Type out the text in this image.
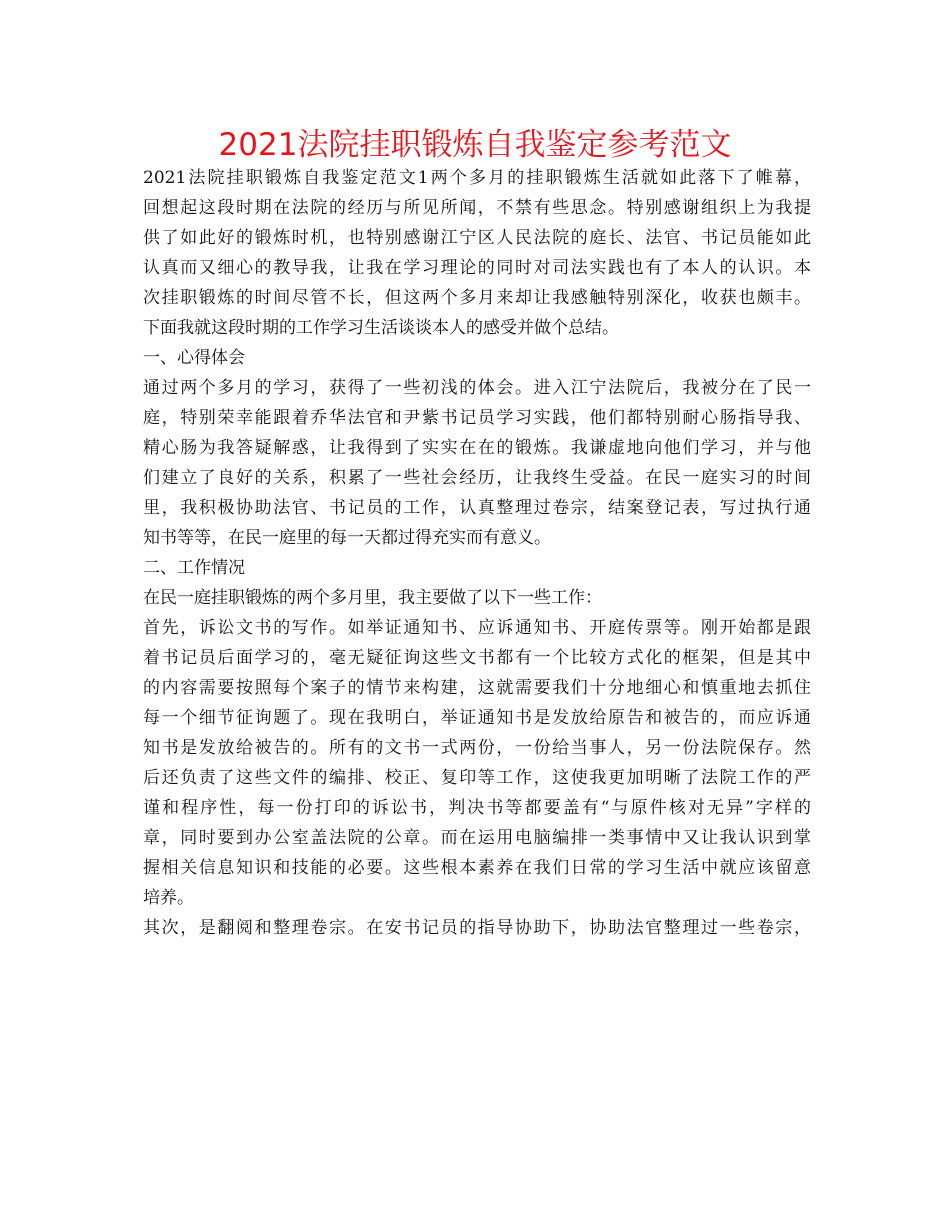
2021法院挂职锻炼自我鉴定参考范文
2021法院挂职锻炼自我鉴定范文1两个多月的挂职锻炼生活就如此落下了帷幕，
回想起这段时期在法院的经历与所见所闻，不禁有些思念。特别感谢组织上为我提
供了如此好的锻炼时机，也特别感谢江宁区人民法院的庭长、法官、书记员能如此
认真而又细心的教导我，让我在学习理论的同时对司法实践也有了本人的认识。本
次挂职锻炼的时间尽管不长，但这两个多月来却让我感触特别深化，收获也颇丰。
下面我就这段时期的工作学习生活谈谈本人的感受并做个总结。
一、心得体会
通过两个多月的学习，获得了一些初浅的体会。进入江宁法院后，我被分在了民一
庭，特别荣幸能跟着乔华法官和尹紫书记员学习实践，他们都特别耐心肠指导我、
精心肠为我答疑解惑，让我得到了实实在在的锻炼。我谦虚地向他们学习，并与他
们建立了良好的关系，积累了一些社会经历，让我终生受益。在民一庭实习的时间
里，我积极协助法官、书记员的工作，认真整理过卷宗，结案登记表，写过执行通
知书等等，在民一庭里的每一天都过得充实而有意义。
二、工作情况
在民一庭挂职锻炼的两个多月里，我主要做了以下一些工作：
首先，诉讼文书的写作。如举证通知书、应诉通知书、开庭传票等。刚开始都是跟
着书记员后面学习的，毫无疑征询这些文书都有一个比较方式化的框架，但是其中
的内容需要按照每个案子的情节来构建，这就需要我们十分地细心和慎重地去抓住
每一个细节征询题了。现在我明白，举证通知书是发放给原告和被告的，而应诉通
知书是发放给被告的。所有的文书一式两份，一份给当事人，另一份法院保存。然
后还负责了这些文件的编排、校正、复印等工作，这使我更加明晰了法院工作的严
谨和程序性，每一份打印的诉讼书，判决书等都要盖有“与原件核对无异”字样的
章，同时要到办公室盖法院的公章。而在运用电脑编排一类事情中又让我认识到掌
握相关信息知识和技能的必要。这些根本素养在我们日常的学习生活中就应该留意
培养。
其次，是翻阅和整理卷宗。在安书记员的指导协助下，协助法官整理过一些卷宗，
